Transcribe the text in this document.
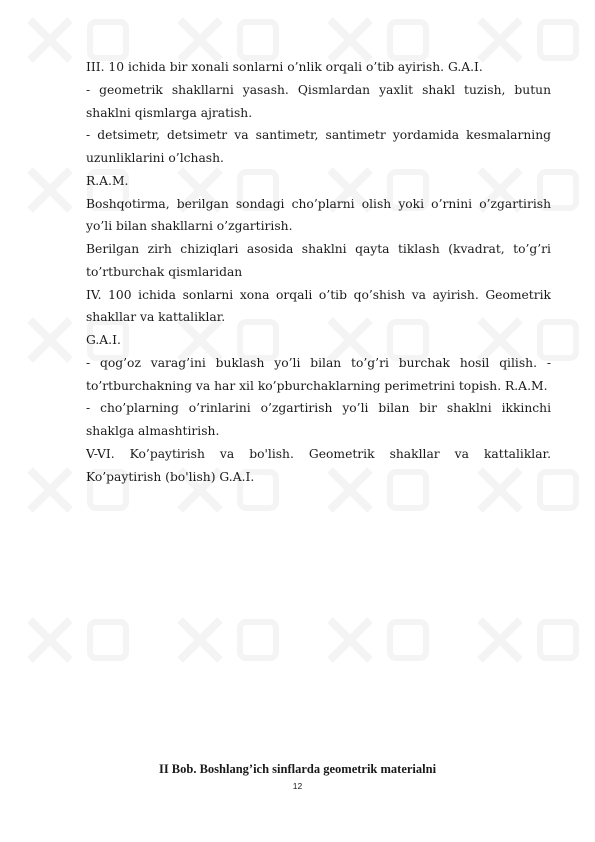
III. 10 ichida bir xonali sonlarni o’nlik orqali o’tib ayirish. G.A.I.

- geometrik shakllarni yasash. Qismlardan yaxlit shakl tuzish, butun shaklni qismlarga ajratish.

- detsimetr, detsimetr va santimetr, santimetr yordamida kesmalarning uzunliklarini o’lchash.

R.A.M.

Boshqotirma, berilgan sondagi cho’plarni olish yoki o’rnini o’zgartirish yo’li bilan shakllarni o’zgartirish.

Berilgan zirh chiziqlari asosida shaklni qayta tiklash (kvadrat, to’g’ri to’rtburchak qismlaridan

IV. 100 ichida sonlarni xona orqali o’tib qo’shish va ayirish. Geometrik shakllar va kattaliklar.

G.A.I.

- qog’oz varag’ini buklash yo’li bilan to’g’ri burchak hosil qilish. - to’rtburchakning va har xil ko’pburchaklarning perimetrini topish. R.A.M.

- cho’plarning o’rinlarini o’zgartirish yo’li bilan bir shaklni ikkinchi shaklga almashtirish.

V-VI. Ko’paytirish va bo'lish. Geometrik shakllar va kattaliklar. Ko’paytirish (bo'lish) G.A.I.

II Bob. Boshlang’ich sinflarda geometrik materialni
12
